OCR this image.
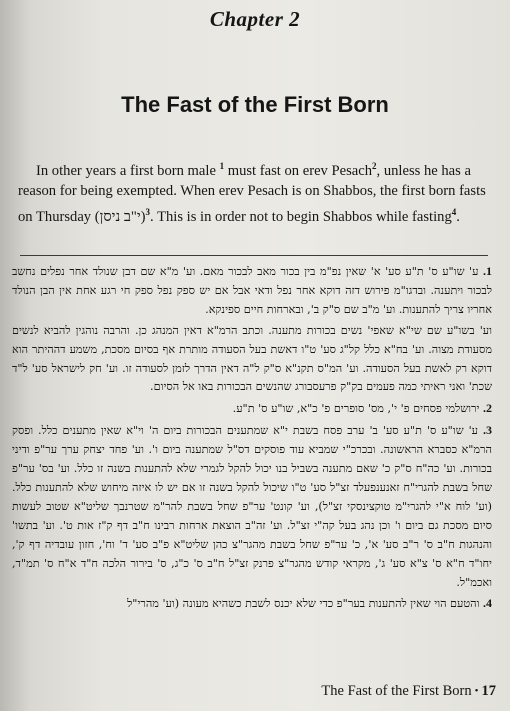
Chapter 2
The Fast of the First Born

In other years a first born male $^1$ must fast on erev Pesach$^2$, unless he has a reason for being exempted. When erev Pesach is on Shabbos, the first born fasts on Thursday (י"ב ניסן)$^3$. This is in order not to begin Shabbos while fasting$^4$.

1. ע' שו"ע ס' ת"ע סע' א' שאין נפ"מ בין בכור מאב לבכור מאם. וע' מ"א שם דבן שנולד אחר נפלים נחשב לבכור ויתענה. ובדגו"מ פירוש דזה דוקא אחר נפל ודאי אבל אם יש ספק נפל ספק חי רגע אחת אין הבן הנולד אחריו צריך להתענות. וע' מ"ב שם ס"ק ב', ובארחות חיים ספינקא.

וע' בשו"ע שם שי"א שאפי' נשים בכורות מתענה. וכתב הרמ"א דאין המנהג כן. והרבה נוהגין להביא לנשים מסעודת מצוה. וע' בח"א כלל קל"ג סע' ט"ו דאשת בעל הסעודה מותרת אף בסיום מסכת, משמע דההיתר הוא דוקא רק לאשת בעל הסעודה. וע' המ"ס תקנ"א ס"ק ל"ה דאין הדרך לזמן לסעודה זו. וע' חק לישראל סע' ל"ד שכת' ואני ראיתי כמה פעמים בק"ק פרעסבורג שהנשים הבכורות באו אל הסיום.

2. ירושלמי פסחים פ' י', מס' סופרים פ' כ"א, שו"ע ס' ת"ע.

3. ע' שו"ע ס' ת"ע סע' ב' ערב פסח בשבת י"א שמתענים הבכורות ביום ה' וי"א שאין מתענים כלל. ופסק הרמ"א כסברא הראשונה. ובכרכ"י שמביא עוד פוסקים דס"ל שמתענה ביום ו'. וע' פחד יצחק ערך ער"פ ודיני בכורות. וע' כה"ח ס"ק כ' שאם מתענה בשביל בנו יכול להקל לגמרי שלא להתענות בשנה זו כלל. וע' בס' ער"פ שחל בשבת להגרי"ח זאנענפעלד זצ"ל סע' ט"ו שיכול להקל בשנה זו אם יש לו איזה מיחוש שלא להתענות כלל. (וע' לוח א"י להגרי"מ טוקצינסקי זצ"ל), וע' קונט' ער"פ שחל בשבת להר"מ שטרנבך שליט"א שטוב לעשות סיום מסכת גם ביום ו' וכן נהג בעל קה"י זצ"ל. וע' זה"ב הוצאת ארחות רבינו ח"ב דף ק"ז אות ט'. וע' בתשו' והנהגות ח"ב ס' ר"ב סע' א', כ' ער"פ שחל בשבת מהגר"צ כהן שליט"א פ"ב סע' ד' וח', חזון עובדיה דף ק', יחו"ד ח"א ס' צ"א סע' ג', מקראי קודש מהגר"צ פרנק זצ"ל ח"ב ס' כ"ג, ס' בירור הלכה ח"ד א"ח ס' תמ"ד, ואכמ"ל.

4. והטעם הוי שאין להתענות בער"פ כדי שלא יכנס לשבת כשהיא מעונה (וע' מהרי"ל

The Fast of the First Born • 17
